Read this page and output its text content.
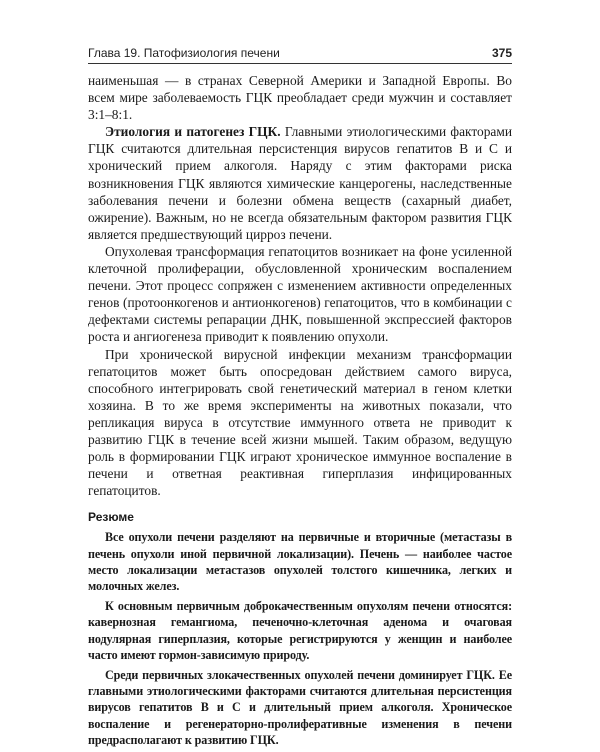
Глава 19. Патофизиология печени	375

наименьшая — в странах Северной Америки и Западной Европы. Во всем мире заболеваемость ГЦК преобладает среди мужчин и составляет 3:1–8:1.

Этиология и патогенез ГЦК. Главными этиологическими факторами ГЦК считаются длительная персистенция вирусов гепатитов В и С и хронический прием алкоголя. Наряду с этим факторами риска возникновения ГЦК являются химические канцерогены, наследственные заболевания печени и болезни обмена веществ (сахарный диабет, ожирение). Важным, но не всегда обязательным фактором развития ГЦК является предшествующий цирроз печени.

Опухолевая трансформация гепатоцитов возникает на фоне усиленной клеточной пролиферации, обусловленной хроническим воспалением печени. Этот процесс сопряжен с изменением активности определенных генов (протоонкогенов и антионкогенов) гепатоцитов, что в комбинации с дефектами системы репарации ДНК, повышенной экспрессией факторов роста и ангиогенеза приводит к появлению опухоли.

При хронической вирусной инфекции механизм трансформации гепатоцитов может быть опосредован действием самого вируса, способного интегрировать свой генетический материал в геном клетки хозяина. В то же время эксперименты на животных показали, что репликация вируса в отсутствие иммунного ответа не приводит к развитию ГЦК в течение всей жизни мышей. Таким образом, ведущую роль в формировании ГЦК играют хроническое иммунное воспаление в печени и ответная реактивная гиперплазия инфицированных гепатоцитов.

Резюме

Все опухоли печени разделяют на первичные и вторичные (метастазы в печень опухоли иной первичной локализации). Печень — наиболее частое место локализации метастазов опухолей толстого кишечника, легких и молочных желез.

К основным первичным доброкачественным опухолям печени относятся: кавернозная гемангиома, печеночно-клеточная аденома и очаговая нодулярная гиперплазия, которые регистрируются у женщин и наиболее часто имеют гормон-зависимую природу.

Среди первичных злокачественных опухолей печени доминирует ГЦК. Ее главными этиологическими факторами считаются длительная персистенция вирусов гепатитов В и С и длительный прием алкоголя. Хроническое воспаление и регенераторно-пролиферативные изменения в печени предрасполагают к развитию ГЦК.
